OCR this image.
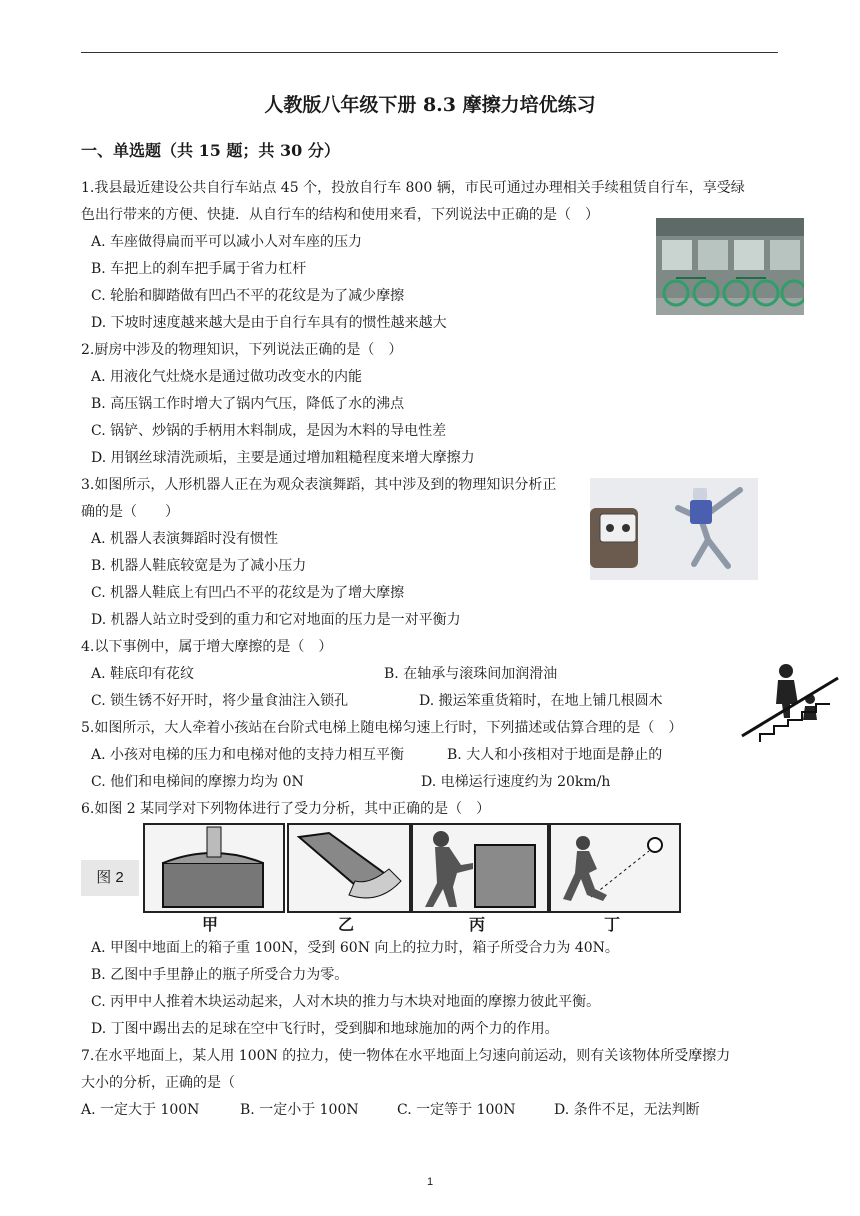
人教版八年级下册 8.3 摩擦力培优练习
一、单选题（共 15 题；共 30 分）
1.我县最近建设公共自行车站点 45 个，投放自行车 800 辆，市民可通过办理相关手续租赁自行车，享受绿
色出行带来的方便、快捷．从自行车的结构和使用来看，下列说法中正确的是（　）
A. 车座做得扁而平可以减小人对车座的压力
B. 车把上的刹车把手属于省力杠杆
C. 轮胎和脚踏做有凹凸不平的花纹是为了减少摩擦
D. 下坡时速度越来越大是由于自行车具有的惯性越来越大
2.厨房中涉及的物理知识，下列说法正确的是（　）
A. 用液化气灶烧水是通过做功改变水的内能
B. 高压锅工作时增大了锅内气压，降低了水的沸点
C. 锅铲、炒锅的手柄用木料制成，是因为木料的导电性差
D. 用钢丝球清洗顽垢，主要是通过增加粗糙程度来增大摩擦力
3.如图所示，人形机器人正在为观众表演舞蹈，其中涉及到的物理知识分析正
确的是（　　）
A. 机器人表演舞蹈时没有惯性
B. 机器人鞋底较宽是为了减小压力
C. 机器人鞋底上有凹凸不平的花纹是为了增大摩擦
D. 机器人站立时受到的重力和它对地面的压力是一对平衡力
4.以下事例中，属于增大摩擦的是（　）
A. 鞋底印有花纹	B. 在轴承与滚珠间加润滑油
C. 锁生锈不好开时，将少量食油注入锁孔	D. 搬运笨重货箱时，在地上铺几根圆木
5.如图所示，大人牵着小孩站在台阶式电梯上随电梯匀速上行时，下列描述或估算合理的是（　）
A. 小孩对电梯的压力和电梯对他的支持力相互平衡	B. 大人和小孩相对于地面是静止的
C. 他们和电梯间的摩擦力均为 0N	D. 电梯运行速度约为 20km/h
6.如图 2 某同学对下列物体进行了受力分析，其中正确的是（　）
图 2
甲	乙	丙	丁
A. 甲图中地面上的箱子重 100N，受到 60N 向上的拉力时，箱子所受合力为 40N。
B. 乙图中手里静止的瓶子所受合力为零。
C. 丙甲中人推着木块运动起来，人对木块的推力与木块对地面的摩擦力彼此平衡。
D. 丁图中踢出去的足球在空中飞行时，受到脚和地球施加的两个力的作用。
7.在水平地面上，某人用 100N 的拉力，使一物体在水平地面上匀速向前运动，则有关该物体所受摩擦力
大小的分析，正确的是（
A. 一定大于 100N	B. 一定小于 100N	C. 一定等于 100N	D. 条件不足，无法判断
1
